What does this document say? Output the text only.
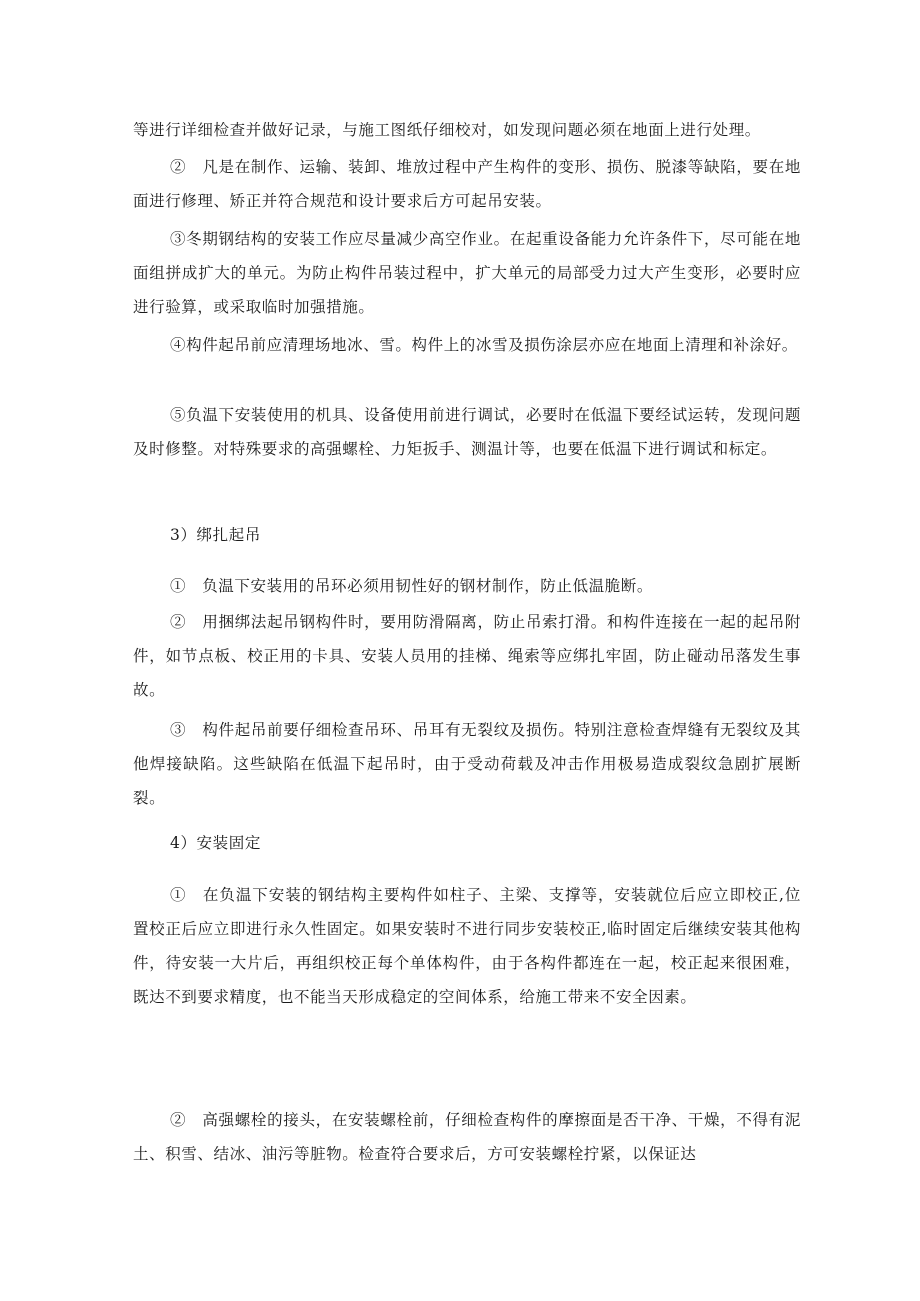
等进行详细检查并做好记录，与施工图纸仔细校对，如发现问题必须在地面上进行处理。

②　凡是在制作、运输、装卸、堆放过程中产生构件的变形、损伤、脱漆等缺陷，要在地面进行修理、矫正并符合规范和设计要求后方可起吊安装。

③冬期钢结构的安装工作应尽量减少高空作业。在起重设备能力允许条件下，尽可能在地面组拼成扩大的单元。为防止构件吊装过程中，扩大单元的局部受力过大产生变形，必要时应进行验算，或采取临时加强措施。

④构件起吊前应清理场地冰、雪。构件上的冰雪及损伤涂层亦应在地面上清理和补涂好。

⑤负温下安装使用的机具、设备使用前进行调试，必要时在低温下要经试运转，发现问题及时修整。对特殊要求的高强螺栓、力矩扳手、测温计等，也要在低温下进行调试和标定。

3）绑扎起吊

①　负温下安装用的吊环必须用韧性好的钢材制作，防止低温脆断。

②　用捆绑法起吊钢构件时，要用防滑隔离，防止吊索打滑。和构件连接在一起的起吊附件，如节点板、校正用的卡具、安装人员用的挂梯、绳索等应绑扎牢固，防止碰动吊落发生事故。

③　构件起吊前要仔细检查吊环、吊耳有无裂纹及损伤。特别注意检查焊缝有无裂纹及其他焊接缺陷。这些缺陷在低温下起吊时，由于受动荷载及冲击作用极易造成裂纹急剧扩展断裂。

4）安装固定

①　在负温下安装的钢结构主要构件如柱子、主梁、支撑等，安装就位后应立即校正,位置校正后应立即进行永久性固定。如果安装时不进行同步安装校正,临时固定后继续安装其他构件，待安装一大片后，再组织校正每个单体构件，由于各构件都连在一起，校正起来很困难，既达不到要求精度，也不能当天形成稳定的空间体系，给施工带来不安全因素。

②　高强螺栓的接头，在安装螺栓前，仔细检查构件的摩擦面是否干净、干燥，不得有泥土、积雪、结冰、油污等脏物。检查符合要求后，方可安装螺栓拧紧，以保证达
